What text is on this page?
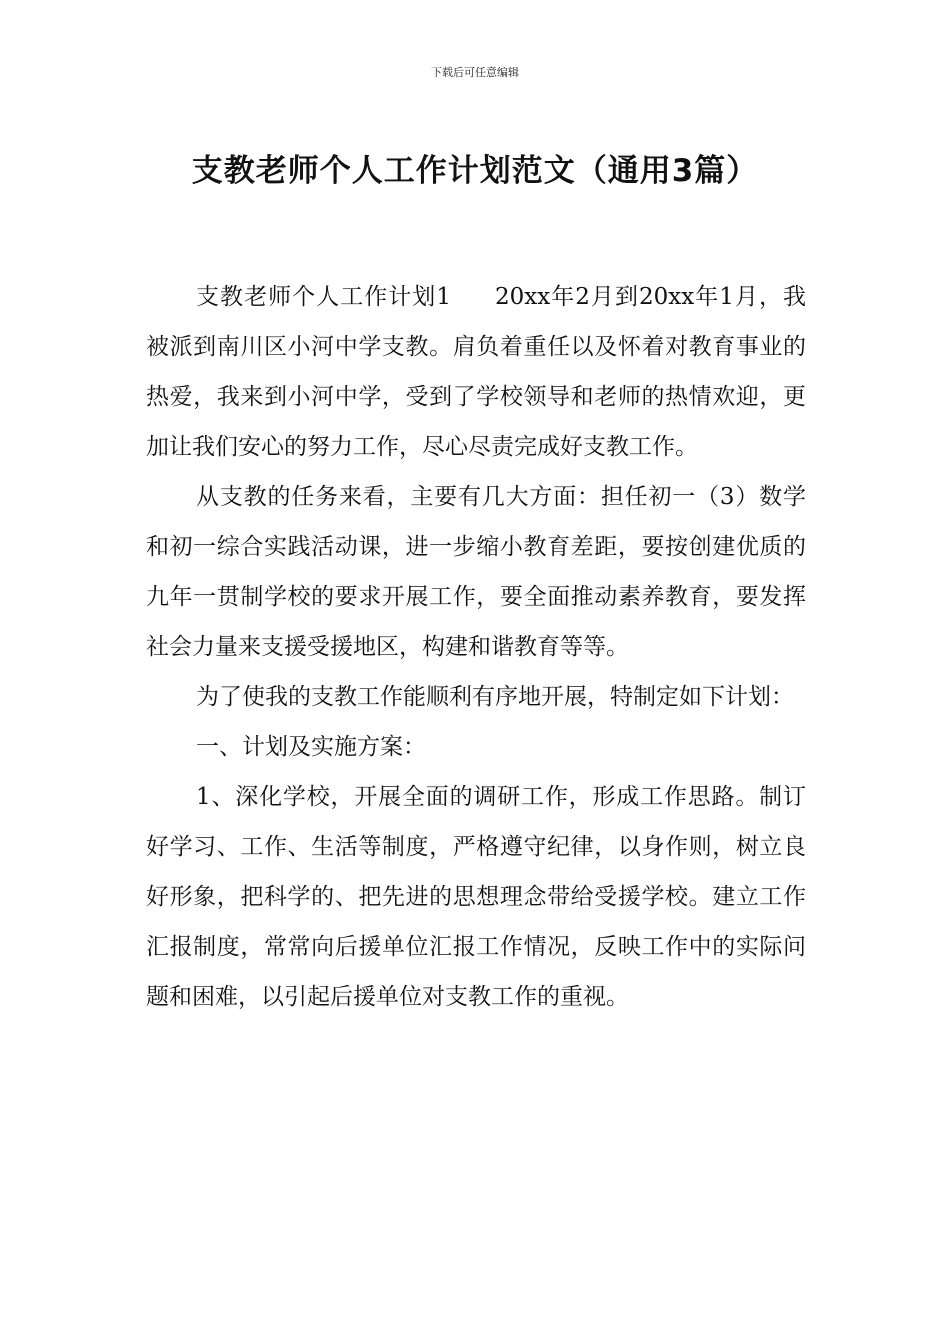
下载后可任意编辑
支教老师个人工作计划范文（通用3篇）

支教老师个人工作计划1 20xx年2月到20xx年1月，我被派到南川区小河中学支教。肩负着重任以及怀着对教育事业的热爱，我来到小河中学，受到了学校领导和老师的热情欢迎，更加让我们安心的努力工作，尽心尽责完成好支教工作。

从支教的任务来看，主要有几大方面：担任初一（3）数学和初一综合实践活动课，进一步缩小教育差距，要按创建优质的九年一贯制学校的要求开展工作，要全面推动素养教育，要发挥社会力量来支援受援地区，构建和谐教育等等。

为了使我的支教工作能顺利有序地开展，特制定如下计划：

一、计划及实施方案：

1、深化学校，开展全面的调研工作，形成工作思路。制订好学习、工作、生活等制度，严格遵守纪律，以身作则，树立良好形象，把科学的、把先进的思想理念带给受援学校。建立工作汇报制度，常常向后援单位汇报工作情况，反映工作中的实际问题和困难，以引起后援单位对支教工作的重视。
